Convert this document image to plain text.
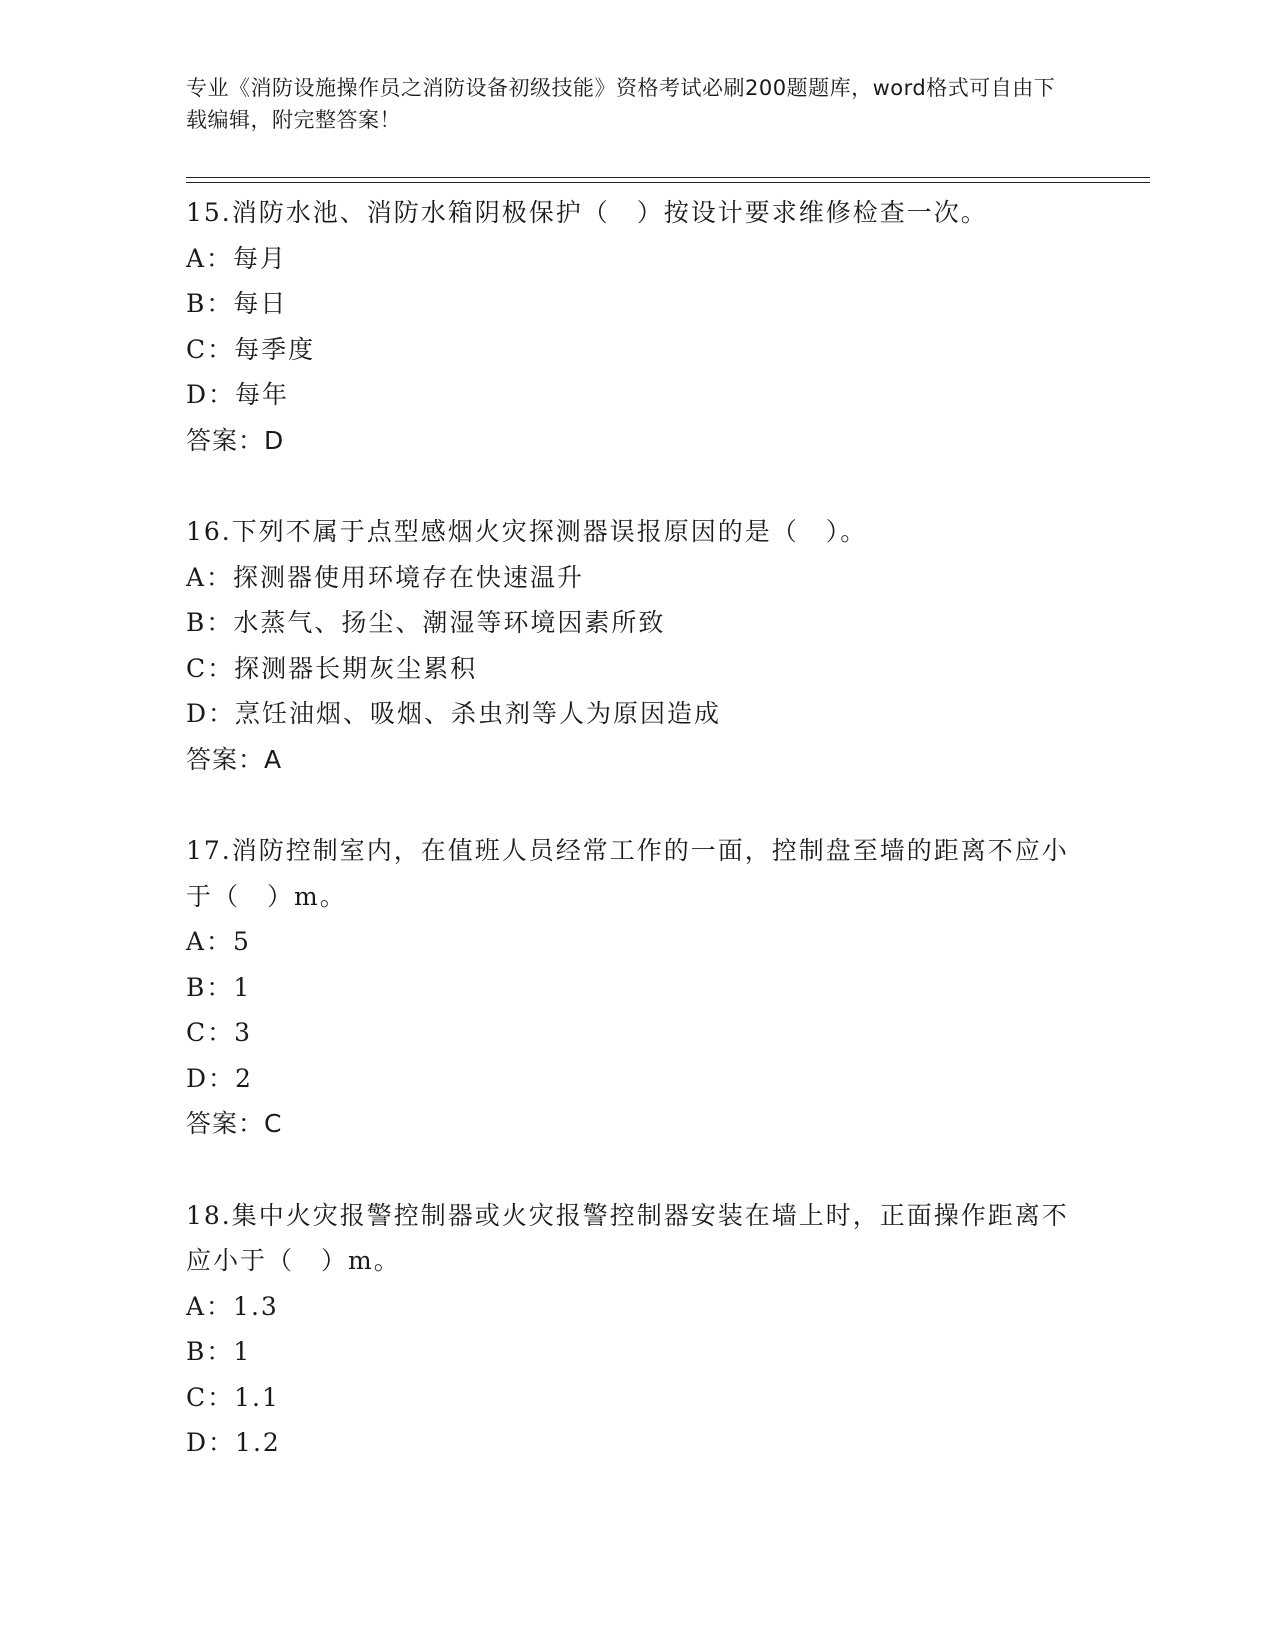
专业《消防设施操作员之消防设备初级技能》资格考试必刷200题题库，word格式可自由下载编辑，附完整答案！
15.消防水池、消防水箱阴极保护（　）按设计要求维修检查一次。
A：每月
B：每日
C：每季度
D：每年
答案：D
16.下列不属于点型感烟火灾探测器误报原因的是（　）。
A：探测器使用环境存在快速温升
B：水蒸气、扬尘、潮湿等环境因素所致
C：探测器长期灰尘累积
D：烹饪油烟、吸烟、杀虫剂等人为原因造成
答案：A
17.消防控制室内，在值班人员经常工作的一面，控制盘至墙的距离不应小于（　）m。
A：5
B：1
C：3
D：2
答案：C
18.集中火灾报警控制器或火灾报警控制器安装在墙上时，正面操作距离不应小于（　）m。
A：1.3
B：1
C：1.1
D：1.2
